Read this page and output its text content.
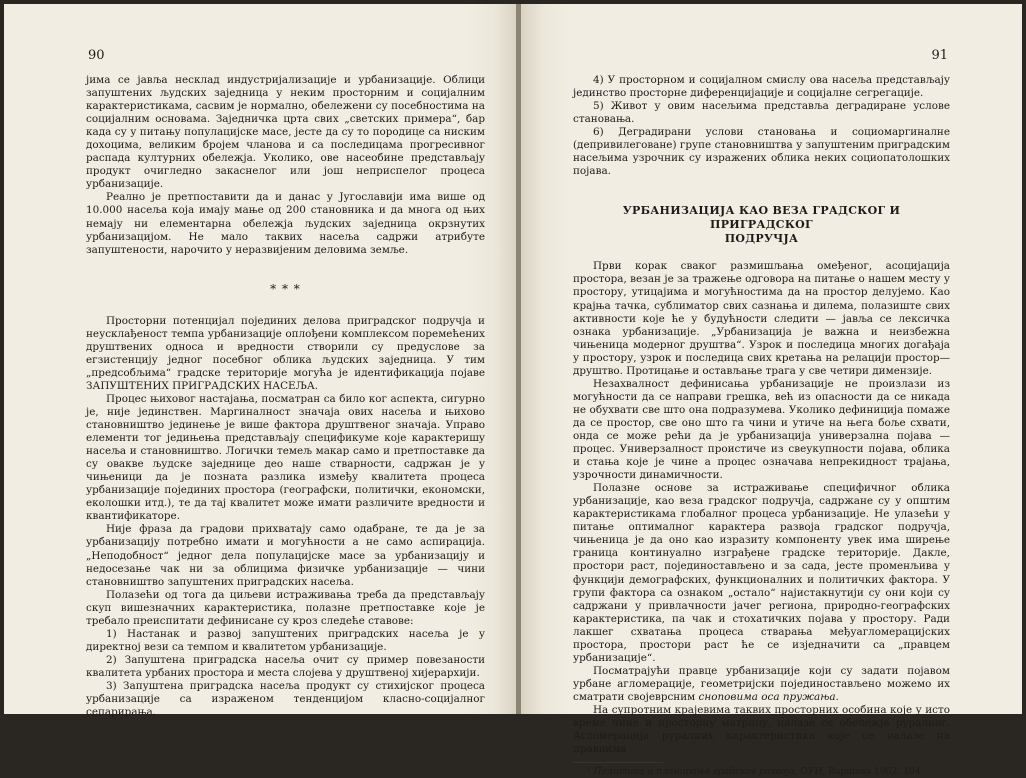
90

јима се јавља несклад индустријализације и урбанизације. Облици запуштених људских заједница у неким просторним и социјалним карактеристикама, сасвим је нормално, обележени су посебностима на социјалним основама. Заједничка црта свих „светских примера“, бар када су у питању популацијске масе, јесте да су то породице са ниским дохоцима, великим бројем чланова и са последицама прогресивног распада културних обележја. Уколико, ове насеобине представљају продукт очигледно закаснелог или још неприспелог процеса урбанизације.

Реално је претпоставити да и данас у Југославији има више од 10.000 насеља која имају мање од 200 становника и да многа од њих немају ни елементарна обележја људских заједница окрзнутих урбанизацијом. Не мало таквих насеља садржи атрибуте запуштености, нарочито у неразвијеним деловима земље.

* * *

Просторни потенцијал појединих делова приградског подручја и неусклађеност темпа урбанизације оплођени комплексом поремећених друштвених односа и вредности створили су предуслове за егзистенцију једног посебног облика људских заједница. У тим „предсобљима“ градске територије могућа је идентификација појаве ЗАПУШТЕНИХ ПРИГРАДСКИХ НАСЕЉА.

Процес њиховог настајања, посматран са било ког аспекта, сигурно је, није јединствен. Маргиналност значаја ових насеља и њихово становништво јединење је више фактора друштвеног значаја. Управо елементи тог једињења представљају спецификуме које карактеришу насеља и становништво. Логички темељ макар само и претпоставке да су овакве људске заједнице део наше стварности, садржан је у чињеници да је позната разлика између квалитета процеса урбанизације појединих простора (географски, политички, економски, еколошки итд.), те да тај квалитет може имати различите вредности и квантификаторе.

Није фраза да градови прихватају само одабране, те да је за урбанизацију потребно имати и могућности а не само аспирација. „Неподобност“ једног дела популацијске масе за урбанизацију и недосезање чак ни за облицима физичке урбанизације — чини становништво запуштених приградских насеља.

Полазећи од тога да циљеви истраживања треба да представљају скуп вишезначних карактеристика, полазне претпоставке које је требало преиспитати дефинисане су кроз следеће ставове:

1) Настанак и развој запуштених приградских насеља је у директној вези са темпом и квалитетом урбанизације.

2) Запуштена приградска насеља очит су пример повезаности квалитета урбаних простора и места слојева у друштвеној хијерархији.

3) Запуштена приградска насеља продукт су стихијског процеса урбанизације са израженом тенденцијом класно-социјалног сепарирања.

91

4) У просторном и социјалном смислу ова насеља представљају јединство просторне диференцијације и социјалне сегрегације.

5) Живот у овим насељима представља деградиране услове становања.

6) Деградирани услови становања и социомаргиналне (депривилеговане) групе становништва у запуштеним приградским насељима узрочник су изражених облика неких социопатолошких појава.

УРБАНИЗАЦИЈА КАО ВЕЗА ГРАДСКОГ И ПРИГРАДСКОГ
ПОДРУЧЈА

Први корак сваког размишљања омеђеног, асоцијација простора, везан је за тражење одговора на питање о нашем месту у простору, утицајима и могућностима да на простор делујемо. Као крајња тачка, сублиматор свих сазнања и дилема, полазиште свих активности које ће у будућности следити — јавља се лексичка ознака урбанизације. „Урбанизација је важна и неизбежна чињеница модерног друштва“. Узрок и последица многих догађаја у простору, узрок и последица свих кретања на релацији простор—друштво. Протицање и остављање трага у све четири димензије.

Незахвалност дефинисања урбанизације не произлази из могућности да се направи грешка, већ из опасности да се никада не обухвати све што она подразумева. Уколико дефиниција помаже да се простор, све оно што га чини и утиче на њега боље схвати, онда се може рећи да је урбанизација универзална појава — процес. Универзалност проистиче из свеукупности појава, облика и стања које је чине а процес означава непрекидност трајања, узрочности динамичности.

Полазне основе за истраживање специфичног облика урбанизације, као веза градског подручја, садржане су у општим карактеристикама глобалног процеса урбанизације. Не улазећи у питање оптималног карактера развоја градског подручја, чињеница је да оно као изразиту компоненту увек има ширење граница континуално изграђене градске територије. Дакле, простори раст, појединостављено и за сада, јесте променљива у функцији демографских, функционалних и политичких фактора. У групи фактора са ознаком „остало“ најистакнутији су они који су садржани у привлачности јачег региона, природно-географских карактеристика, па чак и стохатичких појава у простору. Ради лакшег схватања процеса стварања међуагломерацијских простора, простори раст ће се изједначити са „правцем урбанизације“.

Посматрајући правце урбанизације који су задати појавом урбане агломерације, геометријски појединостављено можемо их сматрати својеврсним сноповима оса пружања.

На супротним крајевима таквих просторних особина које у исто време чине и просторну матрицу, налазе се обележја руралног. Агломерација руралних карактеристика које се налазе на правцима

¹ Политика и планирање градског развоја, ОУН, Варшава 1962, 104.
